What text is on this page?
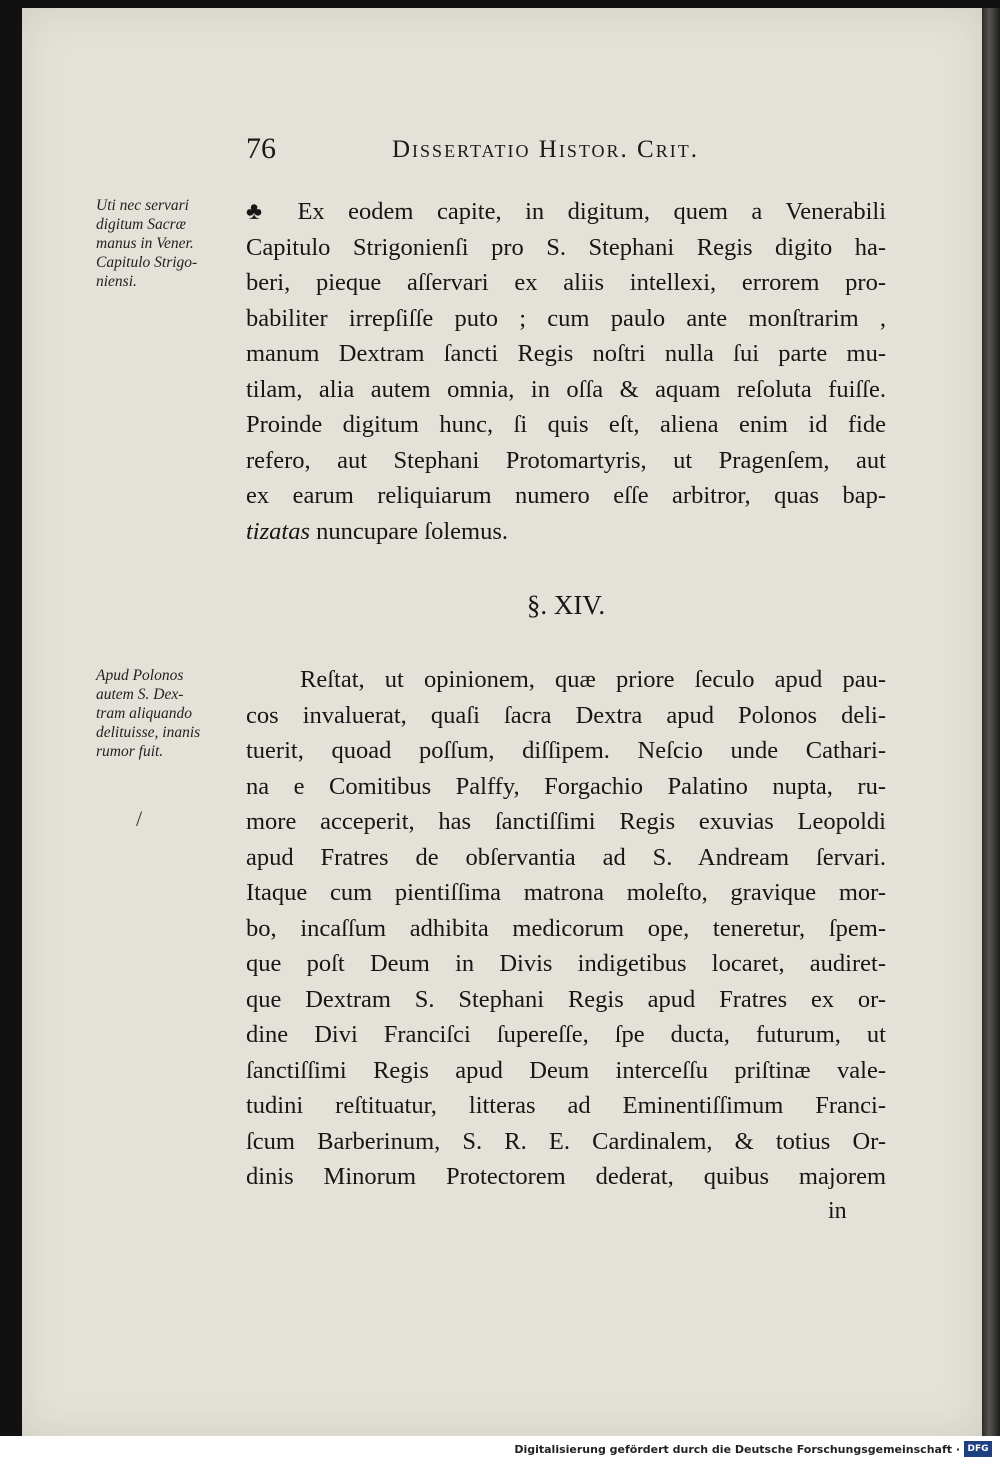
76	Dissertatio Histor. Crit.
Uti nec servari
digitum Sacræ
manus in Vener.
Capitulo Strigo-
niensi.
♣ Ex eodem capite, in digitum, quem a Venerabili
Capitulo Strigonienſi pro S. Stephani Regis digito ha-
beri, pieque aſſervari ex aliis intellexi, errorem pro-
babiliter irrepſiſſe puto ; cum paulo ante monſtrarim ,
manum Dextram ſancti Regis noſtri nulla ſui parte mu-
tilam, alia autem omnia, in oſſa & aquam reſoluta fuiſſe.
Proinde digitum hunc, ſi quis eſt, aliena enim id fide
refero, aut Stephani Protomartyris, ut Pragenſem, aut
ex earum reliquiarum numero eſſe arbitror, quas bap-
tizatas nuncupare ſolemus.
§. XIV.
Apud Polonos
autem S. Dex-
tram aliquando
delituisse, inanis
rumor fuit.
/
Reſtat, ut opinionem, quæ priore ſeculo apud pau-
cos invaluerat, quaſi ſacra Dextra apud Polonos deli-
tuerit, quoad poſſum, diſſipem. Neſcio unde Cathari-
na e Comitibus Palffy, Forgachio Palatino nupta, ru-
more acceperit, has ſanctiſſimi Regis exuvias Leopoldi
apud Fratres de obſervantia ad S. Andream ſervari.
Itaque cum pientiſſima matrona moleſto, gravique mor-
bo, incaſſum adhibita medicorum ope, teneretur, ſpem-
que poſt Deum in Divis indigetibus locaret, audiret-
que Dextram S. Stephani Regis apud Fratres ex or-
dine Divi Franciſci ſupereſſe, ſpe ducta, futurum, ut
ſanctiſſimi Regis apud Deum interceſſu priſtinæ vale-
tudini reſtituatur, litteras ad Eminentiſſimum Franci-
ſcum Barberinum, S. R. E. Cardinalem, & totius Or-
dinis Minorum Protectorem dederat, quibus majorem
in
Digitalisierung gefördert durch die Deutsche Forschungsgemeinschaft · DFG
